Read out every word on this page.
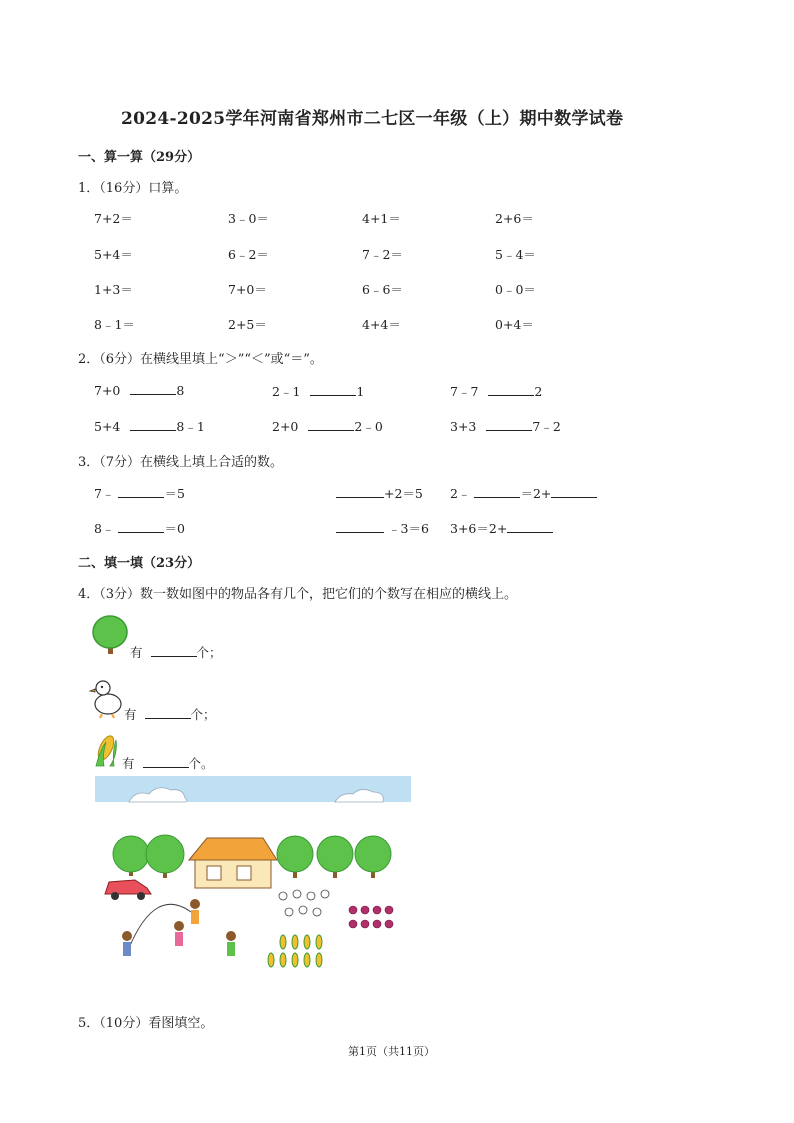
2024-2025学年河南省郑州市二七区一年级（上）期中数学试卷
一、算一算（29分）
1．（16分）口算。
7+2＝	3﹣0＝	4+1＝	2+6＝
5+4＝	6﹣2＝	7﹣2＝	5﹣4＝
1+3＝	7+0＝	6﹣6＝	0﹣0＝
8﹣1＝	2+5＝	4+4＝	0+4＝
2．（6分）在横线里填上“＞”“＜”或“＝”。
7+0	8	2﹣1	1	7﹣7	2
5+4	8﹣1	2+0	2﹣0	3+3	7﹣2
3．（7分）在横线上填上合适的数。
7﹣	＝5	+2＝5 2﹣	＝2+
8﹣	＝0	﹣3＝6 3+6＝2+
二、填一填（23分）
4．（3分）数一数如图中的物品各有几个，把它们的个数写在相应的横线上。
有	个；
有	个；
有	个。
5．（10分）看图填空。
第1页（共11页）
